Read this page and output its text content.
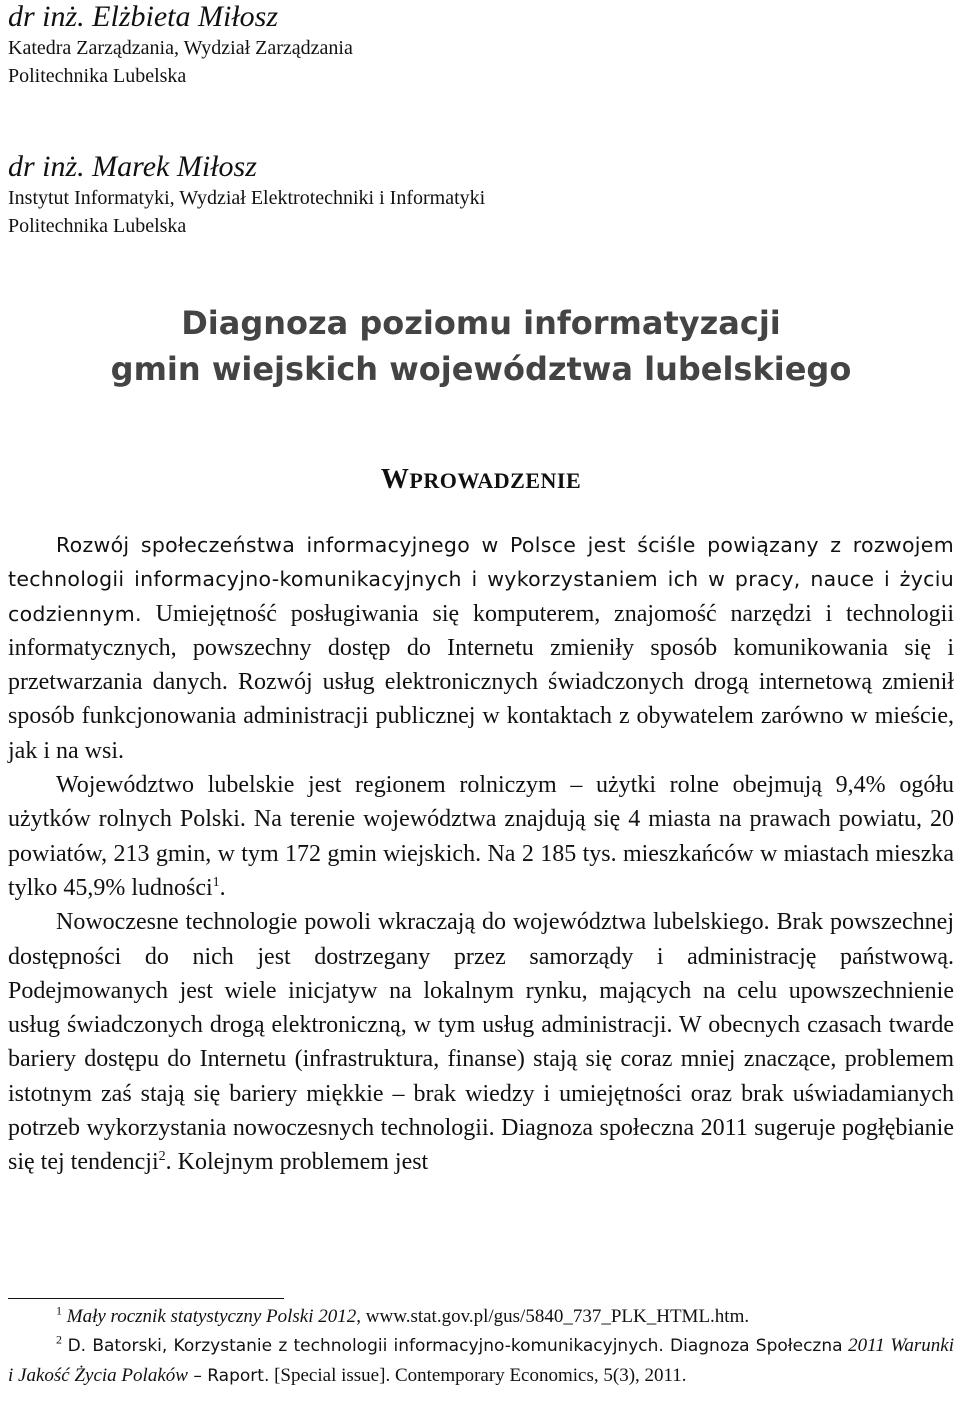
dr inż. Elżbieta Miłosz

Katedra Zarządzania, Wydział Zarządzania

Politechnika Lubelska

dr inż. Marek Miłosz

Instytut Informatyki, Wydział Elektrotechniki i Informatyki

Politechnika Lubelska

Diagnoza poziomu informatyzacji
gmin wiejskich województwa lubelskiego
WPROWADZENIE

Rozwój społeczeństwa informacyjnego w Polsce jest ściśle powiązany z rozwojem technologii informacyjno-komunikacyjnych i wykorzystaniem ich w pracy, nauce i życiu codziennym. Umiejętność posługiwania się komputerem, znajomość narzędzi i technologii informatycznych, powszechny dostęp do Internetu zmieniły sposób komunikowania się i przetwarzania danych. Rozwój usług elektronicznych świadczonych drogą internetową zmienił sposób funkcjonowania administracji publicznej w kontaktach z obywatelem zarówno w mieście, jak i na wsi.

Województwo lubelskie jest regionem rolniczym – użytki rolne obejmują 9,4% ogółu użytków rolnych Polski. Na terenie województwa znajdują się 4 miasta na prawach powiatu, 20 powiatów, 213 gmin, w tym 172 gmin wiejskich. Na 2 185 tys. mieszkańców w miastach mieszka tylko 45,9% ludności$^1$.

Nowoczesne technologie powoli wkraczają do województwa lubelskiego. Brak powszechnej dostępności do nich jest dostrzegany przez samorządy i administrację państwową. Podejmowanych jest wiele inicjatyw na lokalnym rynku, mających na celu upowszechnienie usług świadczonych drogą elektroniczną, w tym usług administracji. W obecnych czasach twarde bariery dostępu do Internetu (infrastruktura, finanse) stają się coraz mniej znaczące, problemem istotnym zaś stają się bariery miękkie – brak wiedzy i umiejętności oraz brak uświadamianych potrzeb wykorzystania nowoczesnych technologii. Diagnoza społeczna 2011 sugeruje pogłębianie się tej tendencji$^2$. Kolejnym problemem jest

$^1$ Mały rocznik statystyczny Polski 2012, www.stat.gov.pl/gus/5840_737_PLK_HTML.htm.

$^2$ D. Batorski, Korzystanie z technologii informacyjno-komunikacyjnych. Diagnoza Społeczna 2011 Warunki i Jakość Życia Polaków – Raport. [Special issue]. Contemporary Economics, 5(3), 2011.
